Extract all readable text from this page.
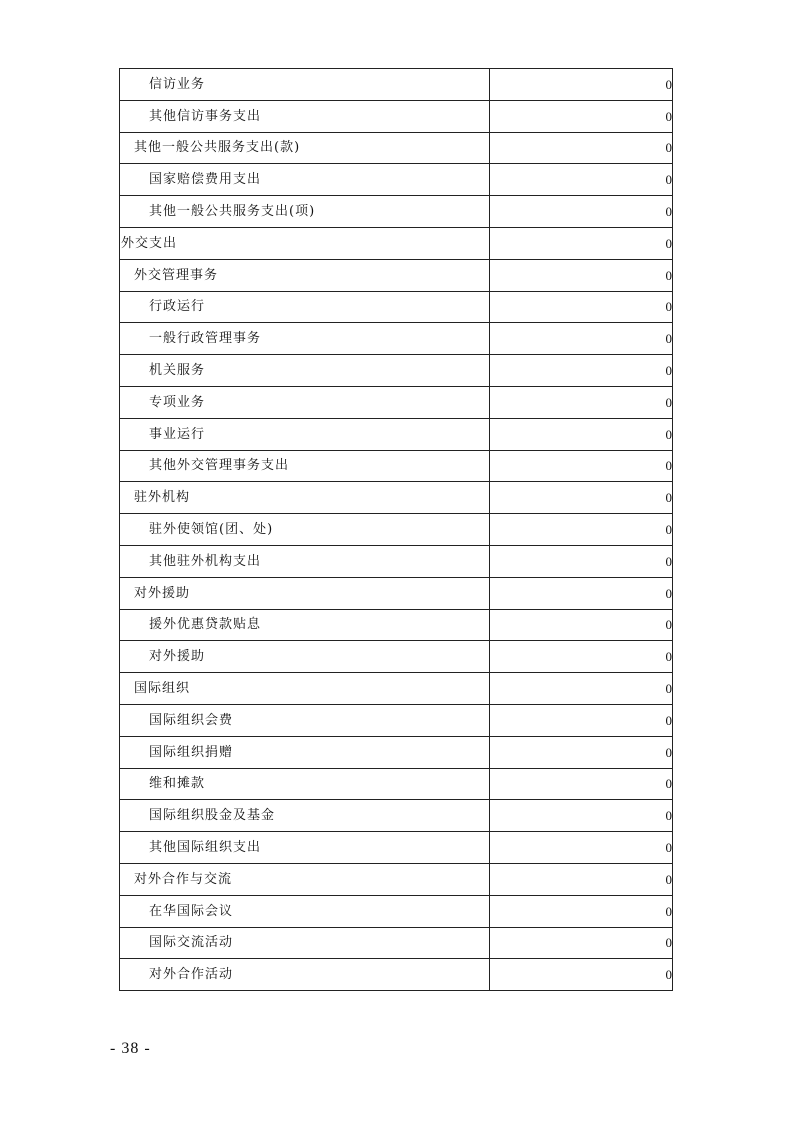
信访业务	0
其他信访事务支出	0
其他一般公共服务支出(款)	0
国家赔偿费用支出	0
其他一般公共服务支出(项)	0
外交支出	0
外交管理事务	0
行政运行	0
一般行政管理事务	0
机关服务	0
专项业务	0
事业运行	0
其他外交管理事务支出	0
驻外机构	0
驻外使领馆(团、处)	0
其他驻外机构支出	0
对外援助	0
援外优惠贷款贴息	0
对外援助	0
国际组织	0
国际组织会费	0
国际组织捐赠	0
维和摊款	0
国际组织股金及基金	0
其他国际组织支出	0
对外合作与交流	0
在华国际会议	0
国际交流活动	0
对外合作活动	0
- 38 -
